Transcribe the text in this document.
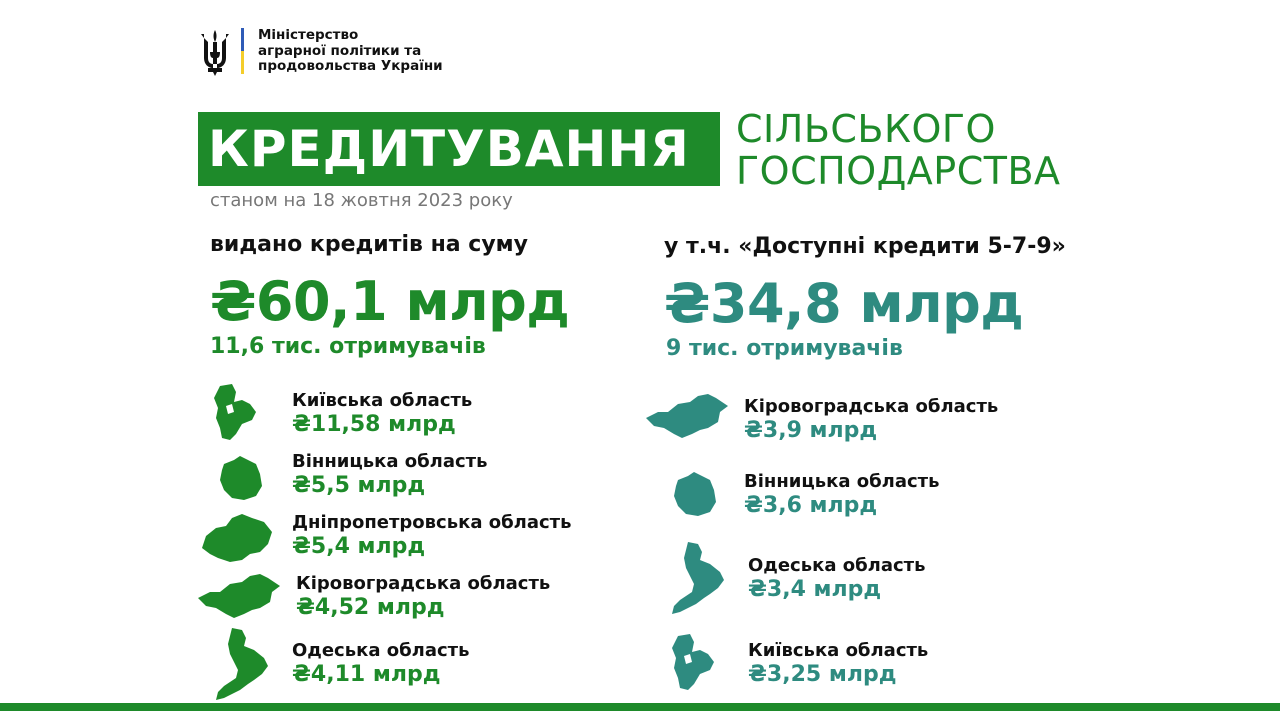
Міністерство
аграрної політики та
продовольства України
КРЕДИТУВАННЯ СІЛЬСЬКОГО
ГОСПОДАРСТВА
станом на 18 жовтня 2023 року
видано кредитів на суму
₴60,1 млрд
11,6 тис. отримувачів
Київська область
₴11,58 млрд
Вінницька область
₴5,5 млрд
Дніпропетровська область
₴5,4 млрд
Кіровоградська область
₴4,52 млрд
Одеська область
₴4,11 млрд
у т.ч. «Доступні кредити 5-7-9»
₴34,8 млрд
9 тис. отримувачів
Кіровоградська область
₴3,9 млрд
Вінницька область
₴3,6 млрд
Одеська область
₴3,4 млрд
Київська область
₴3,25 млрд
